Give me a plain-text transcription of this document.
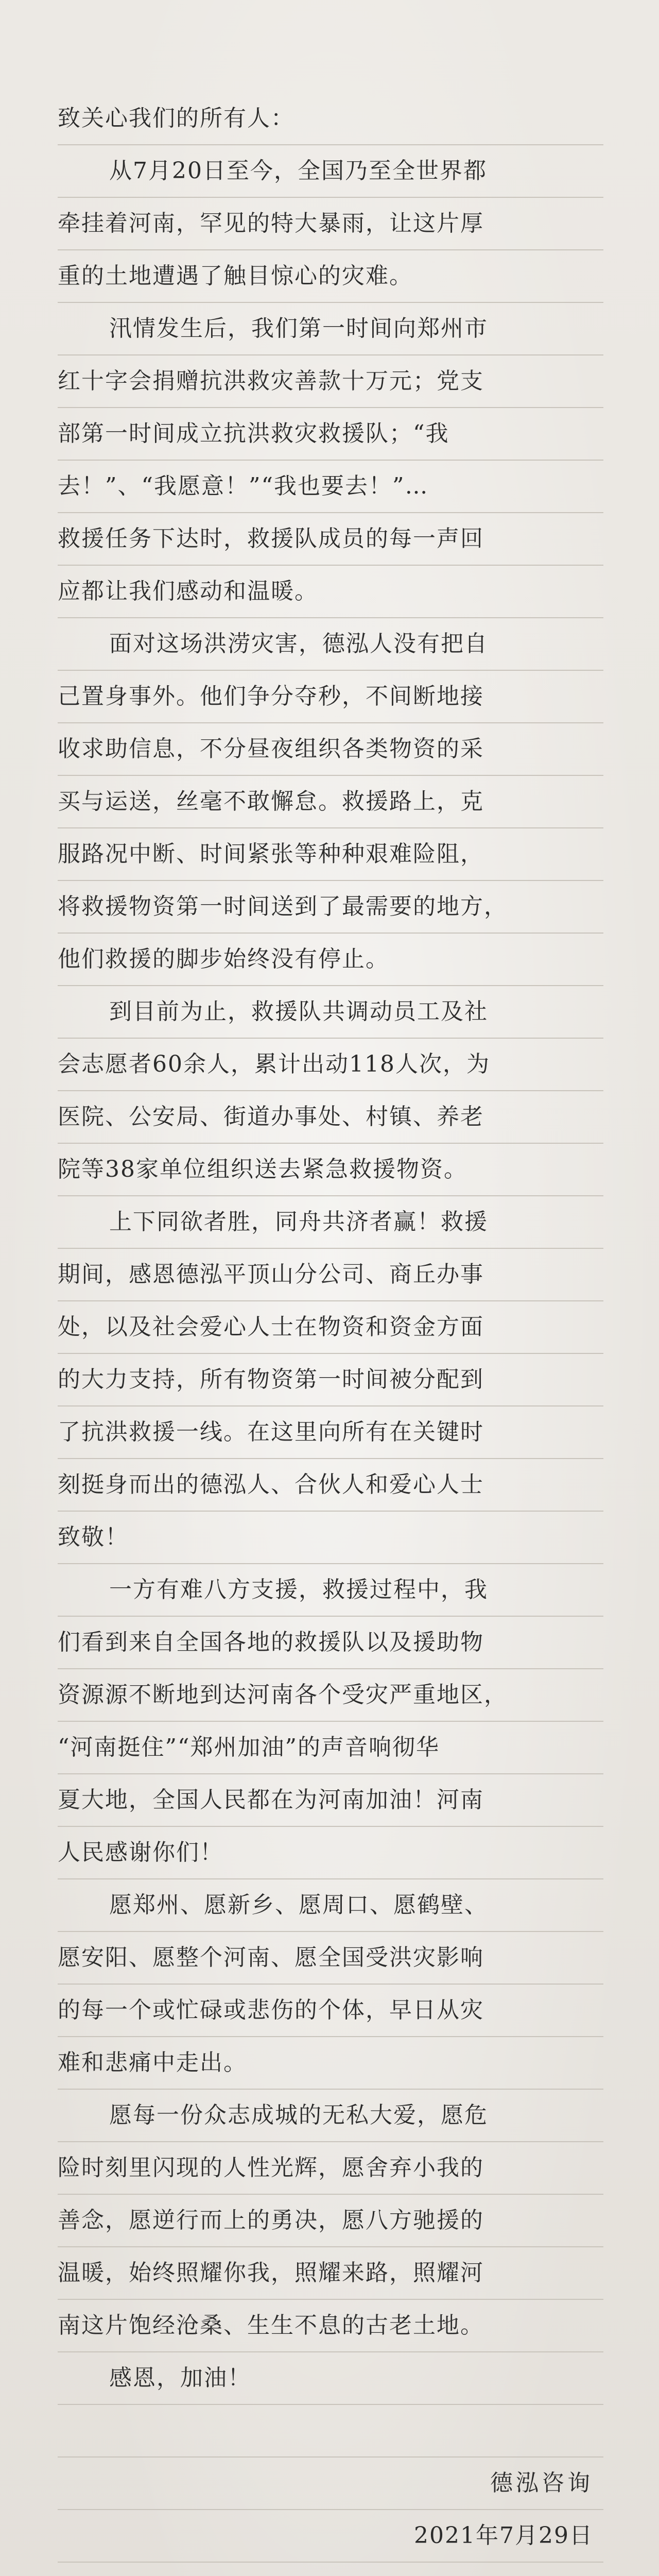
致关心我们的所有人：
从7月20日至今，全国乃至全世界都
牵挂着河南，罕见的特大暴雨，让这片厚
重的土地遭遇了触目惊心的灾难。
汛情发生后，我们第一时间向郑州市
红十字会捐赠抗洪救灾善款十万元；党支
部第一时间成立抗洪救灾救援队；“我
去！”、“我愿意！”“我也要去！”…
救援任务下达时，救援队成员的每一声回
应都让我们感动和温暖。
面对这场洪涝灾害，德泓人没有把自
己置身事外。他们争分夺秒，不间断地接
收求助信息，不分昼夜组织各类物资的采
买与运送，丝毫不敢懈怠。救援路上，克
服路况中断、时间紧张等种种艰难险阻，
将救援物资第一时间送到了最需要的地方，
他们救援的脚步始终没有停止。
到目前为止，救援队共调动员工及社
会志愿者60余人，累计出动118人次，为
医院、公安局、街道办事处、村镇、养老
院等38家单位组织送去紧急救援物资。
上下同欲者胜，同舟共济者赢！救援
期间，感恩德泓平顶山分公司、商丘办事
处，以及社会爱心人士在物资和资金方面
的大力支持，所有物资第一时间被分配到
了抗洪救援一线。在这里向所有在关键时
刻挺身而出的德泓人、合伙人和爱心人士
致敬！
一方有难八方支援，救援过程中，我
们看到来自全国各地的救援队以及援助物
资源源不断地到达河南各个受灾严重地区，
“河南挺住”“郑州加油”的声音响彻华
夏大地，全国人民都在为河南加油！河南
人民感谢你们！
愿郑州、愿新乡、愿周口、愿鹤壁、
愿安阳、愿整个河南、愿全国受洪灾影响
的每一个或忙碌或悲伤的个体，早日从灾
难和悲痛中走出。
愿每一份众志成城的无私大爱，愿危
险时刻里闪现的人性光辉，愿舍弃小我的
善念，愿逆行而上的勇决，愿八方驰援的
温暖，始终照耀你我，照耀来路，照耀河
南这片饱经沧桑、生生不息的古老土地。
感恩，加油！
德泓咨询
2021年7月29日
